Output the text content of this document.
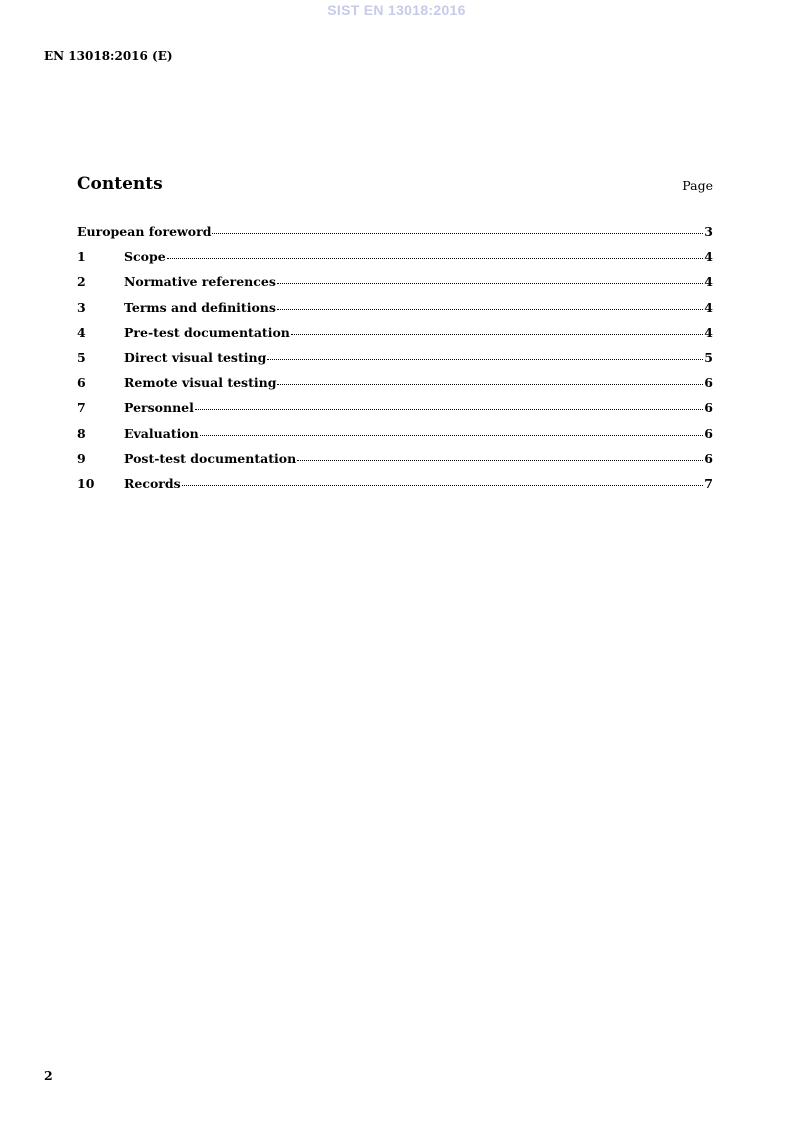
SIST EN 13018:2016
EN 13018:2016 (E)
Contents	Page
European foreword	3
1	Scope	4
2	Normative references	4
3	Terms and definitions	4
4	Pre-test documentation	4
5	Direct visual testing	5
6	Remote visual testing	6
7	Personnel	6
8	Evaluation	6
9	Post-test documentation	6
10	Records	7
2
